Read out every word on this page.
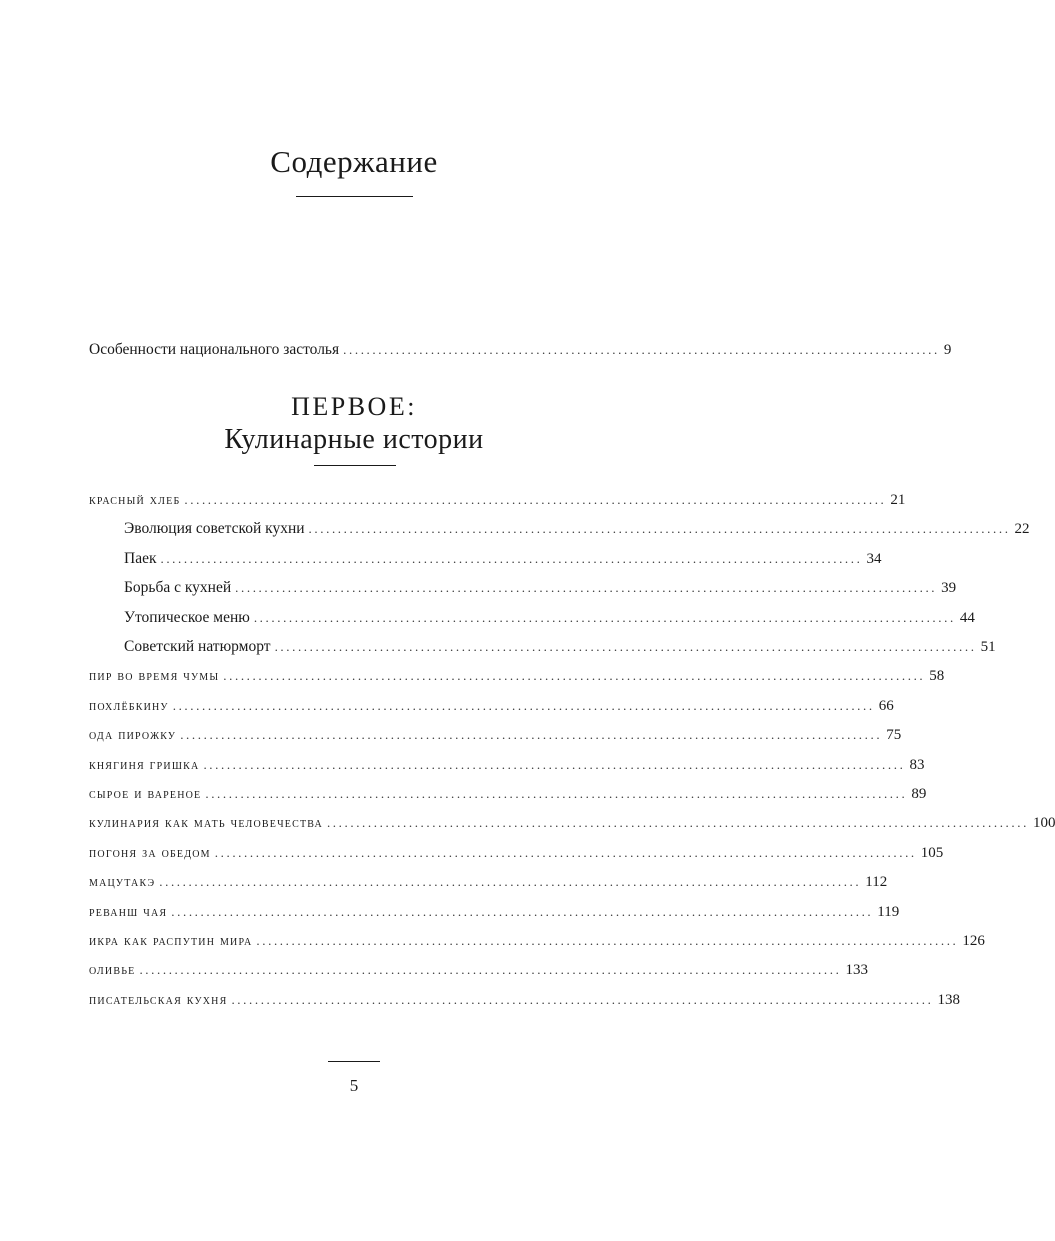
Содержание
Особенности национального застолья ...................................................................................................... 9
ПЕРВОЕ:
Кулинарные истории
красный хлеб ........................................................................................................................ 21
Эволюция советской кухни ........................................................................................................................ 22
Паек ........................................................................................................................ 34
Борьба с кухней ........................................................................................................................ 39
Утопическое меню ........................................................................................................................ 44
Советский натюрморт ........................................................................................................................ 51
пир во время чумы ........................................................................................................................ 58
похлёбкину ........................................................................................................................ 66
ода пирожку ........................................................................................................................ 75
княгиня гришка ........................................................................................................................ 83
сырое и вареное ........................................................................................................................ 89
кулинария как мать человечества ........................................................................................................................ 100
погоня за обедом ........................................................................................................................ 105
мацутакэ ........................................................................................................................ 112
реванш чая ........................................................................................................................ 119
икра как распутин мира ........................................................................................................................ 126
оливье ........................................................................................................................ 133
писательская кухня ........................................................................................................................ 138
5
